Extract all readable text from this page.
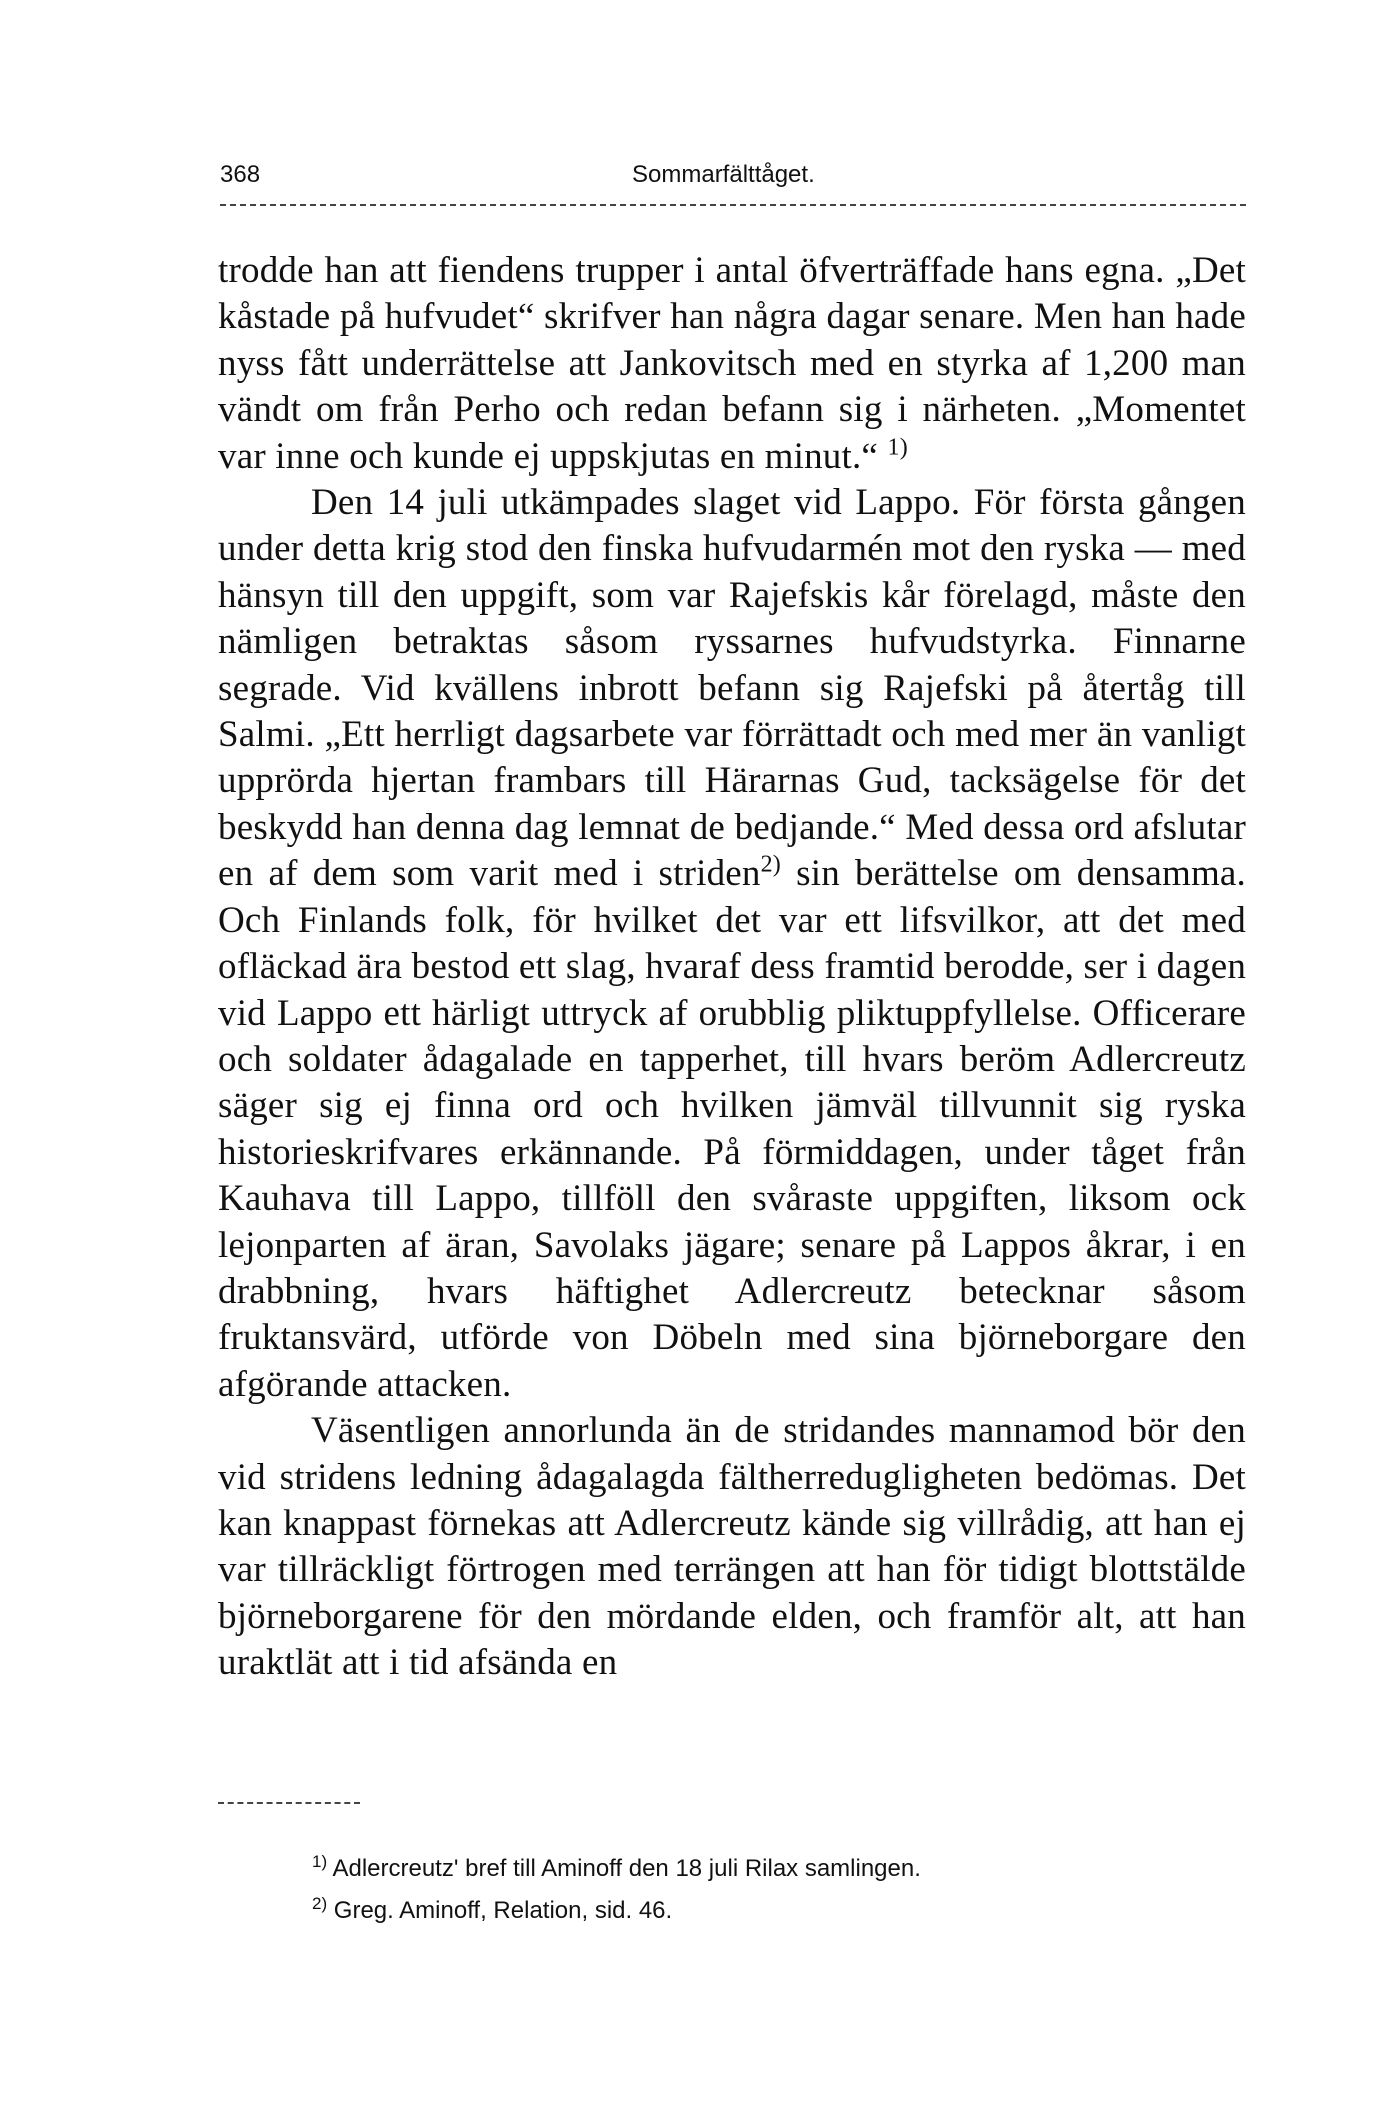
368	Sommarfälttåget.

trodde han att fiendens trupper i antal öfverträffade hans egna. „Det kåstade på hufvudet“ skrifver han några dagar senare. Men han hade nyss fått underrättelse att Jankovitsch med en styrka af 1,200 man vändt om från Perho och redan befann sig i närheten. „Momentet var inne och kunde ej uppskjutas en minut.“ $^{1)}$

Den 14 juli utkämpades slaget vid Lappo. För första gången under detta krig stod den finska hufvudarmén mot den ryska — med hänsyn till den uppgift, som var Rajefskis kår förelagd, måste den nämligen betraktas såsom ryssarnes hufvudstyrka. Finnarne segrade. Vid kvällens inbrott befann sig Rajefski på återtåg till Salmi. „Ett herrligt dagsarbete var förrättadt och med mer än vanligt upprörda hjertan frambars till Härarnas Gud, tacksägelse för det beskydd han denna dag lemnat de bedjande.“ Med dessa ord afslutar en af dem som varit med i striden$^{2)}$ sin berättelse om densamma. Och Finlands folk, för hvilket det var ett lifsvilkor, att det med ofläckad ära bestod ett slag, hvaraf dess framtid berodde, ser i dagen vid Lappo ett härligt uttryck af orubblig pliktuppfyllelse. Officerare och soldater ådagalade en tapperhet, till hvars beröm Adlercreutz säger sig ej finna ord och hvilken jämväl tillvunnit sig ryska historieskrifvares erkännande. På förmiddagen, under tåget från Kauhava till Lappo, tillföll den svåraste uppgiften, liksom ock lejonparten af äran, Savolaks jägare; senare på Lappos åkrar, i en drabbning, hvars häftighet Adlercreutz betecknar såsom fruktansvärd, utförde von Döbeln med sina björneborgare den afgörande attacken.

Väsentligen annorlunda än de stridandes mannamod bör den vid stridens ledning ådagalagda fältherredugligheten bedömas. Det kan knappast förnekas att Adlercreutz kände sig villrådig, att han ej var tillräckligt förtrogen med terrängen att han för tidigt blottstälde björneborgarene för den mördande elden, och framför alt, att han uraktlät att i tid afsända en

$^{1)}$ Adlercreutz' bref till Aminoff den 18 juli Rilax samlingen.

$^{2)}$ Greg. Aminoff, Relation, sid. 46.
